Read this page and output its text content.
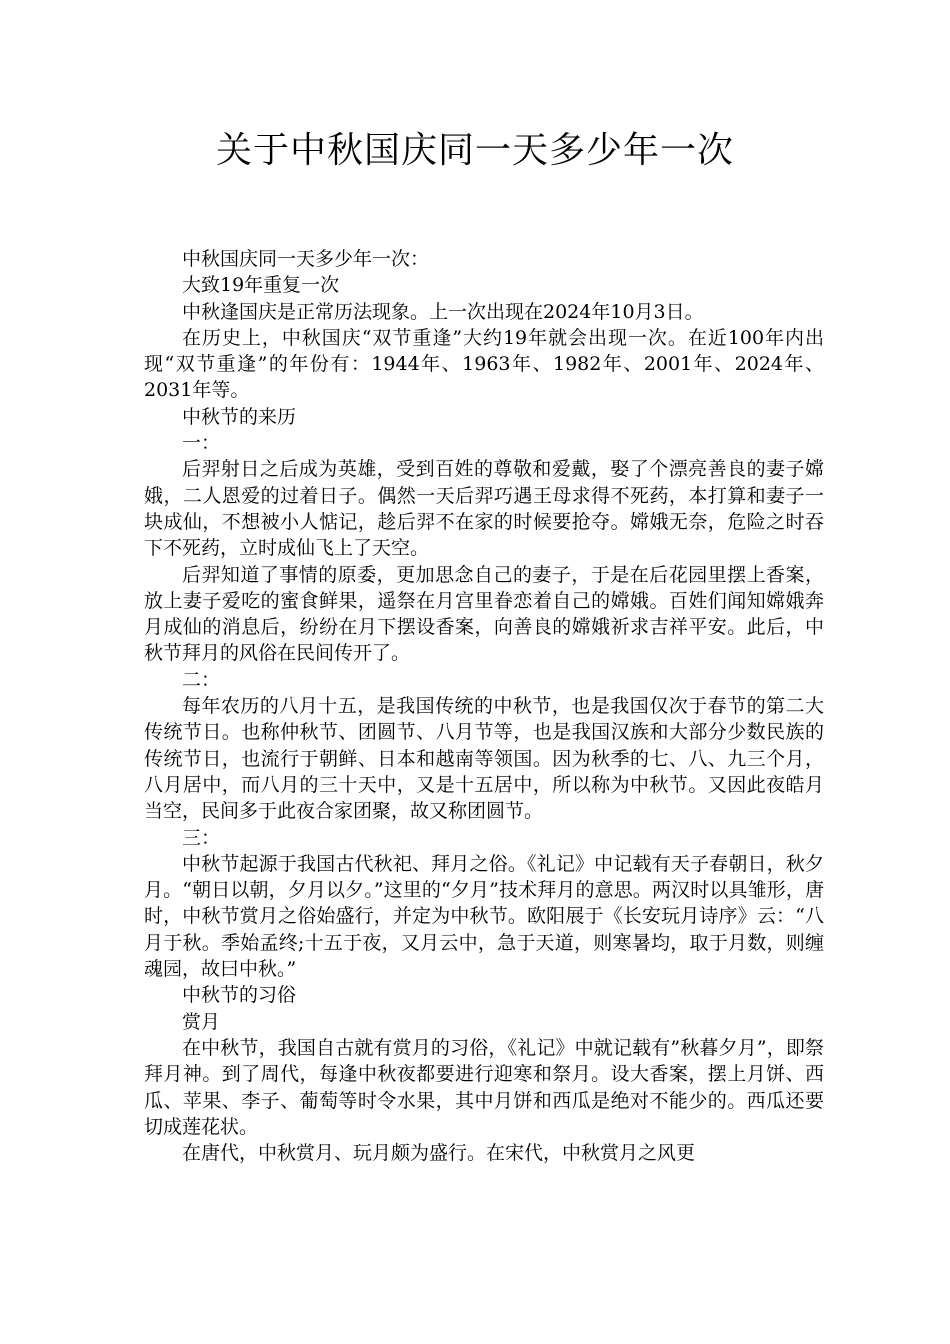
关于中秋国庆同一天多少年一次

中秋国庆同一天多少年一次：

大致19年重复一次

中秋逢国庆是正常历法现象。上一次出现在2024年10月3日。

在历史上，中秋国庆“双节重逢”大约19年就会出现一次。在近100年内出现“双节重逢”的年份有：1944年、1963年、1982年、2001年、2024年、2031年等。

中秋节的来历

一：

后羿射日之后成为英雄，受到百姓的尊敬和爱戴，娶了个漂亮善良的妻子嫦娥，二人恩爱的过着日子。偶然一天后羿巧遇王母求得不死药，本打算和妻子一块成仙，不想被小人惦记，趁后羿不在家的时候要抢夺。嫦娥无奈，危险之时吞下不死药，立时成仙飞上了天空。

后羿知道了事情的原委，更加思念自己的妻子，于是在后花园里摆上香案，放上妻子爱吃的蜜食鲜果，遥祭在月宫里眷恋着自己的嫦娥。百姓们闻知嫦娥奔月成仙的消息后，纷纷在月下摆设香案，向善良的嫦娥祈求吉祥平安。此后，中秋节拜月的风俗在民间传开了。

二：

每年农历的八月十五，是我国传统的中秋节，也是我国仅次于春节的第二大传统节日。也称仲秋节、团圆节、八月节等，也是我国汉族和大部分少数民族的传统节日，也流行于朝鲜、日本和越南等领国。因为秋季的七、八、九三个月，八月居中，而八月的三十天中，又是十五居中，所以称为中秋节。又因此夜皓月当空，民间多于此夜合家团聚，故又称团圆节。

三：

中秋节起源于我国古代秋祀、拜月之俗。《礼记》中记载有天子春朝日，秋夕月。“朝日以朝，夕月以夕。”这里的“夕月”技术拜月的意思。两汉时以具雏形，唐时，中秋节赏月之俗始盛行，并定为中秋节。欧阳展于《长安玩月诗序》云：“八月于秋。季始孟终;十五于夜，又月云中，急于天道，则寒暑均，取于月数，则缠魂园，故曰中秋。”

中秋节的习俗

赏月

在中秋节，我国自古就有赏月的习俗，《礼记》中就记载有”秋暮夕月”，即祭拜月神。到了周代，每逢中秋夜都要进行迎寒和祭月。设大香案，摆上月饼、西瓜、苹果、李子、葡萄等时令水果，其中月饼和西瓜是绝对不能少的。西瓜还要切成莲花状。

在唐代，中秋赏月、玩月颇为盛行。在宋代，中秋赏月之风更
